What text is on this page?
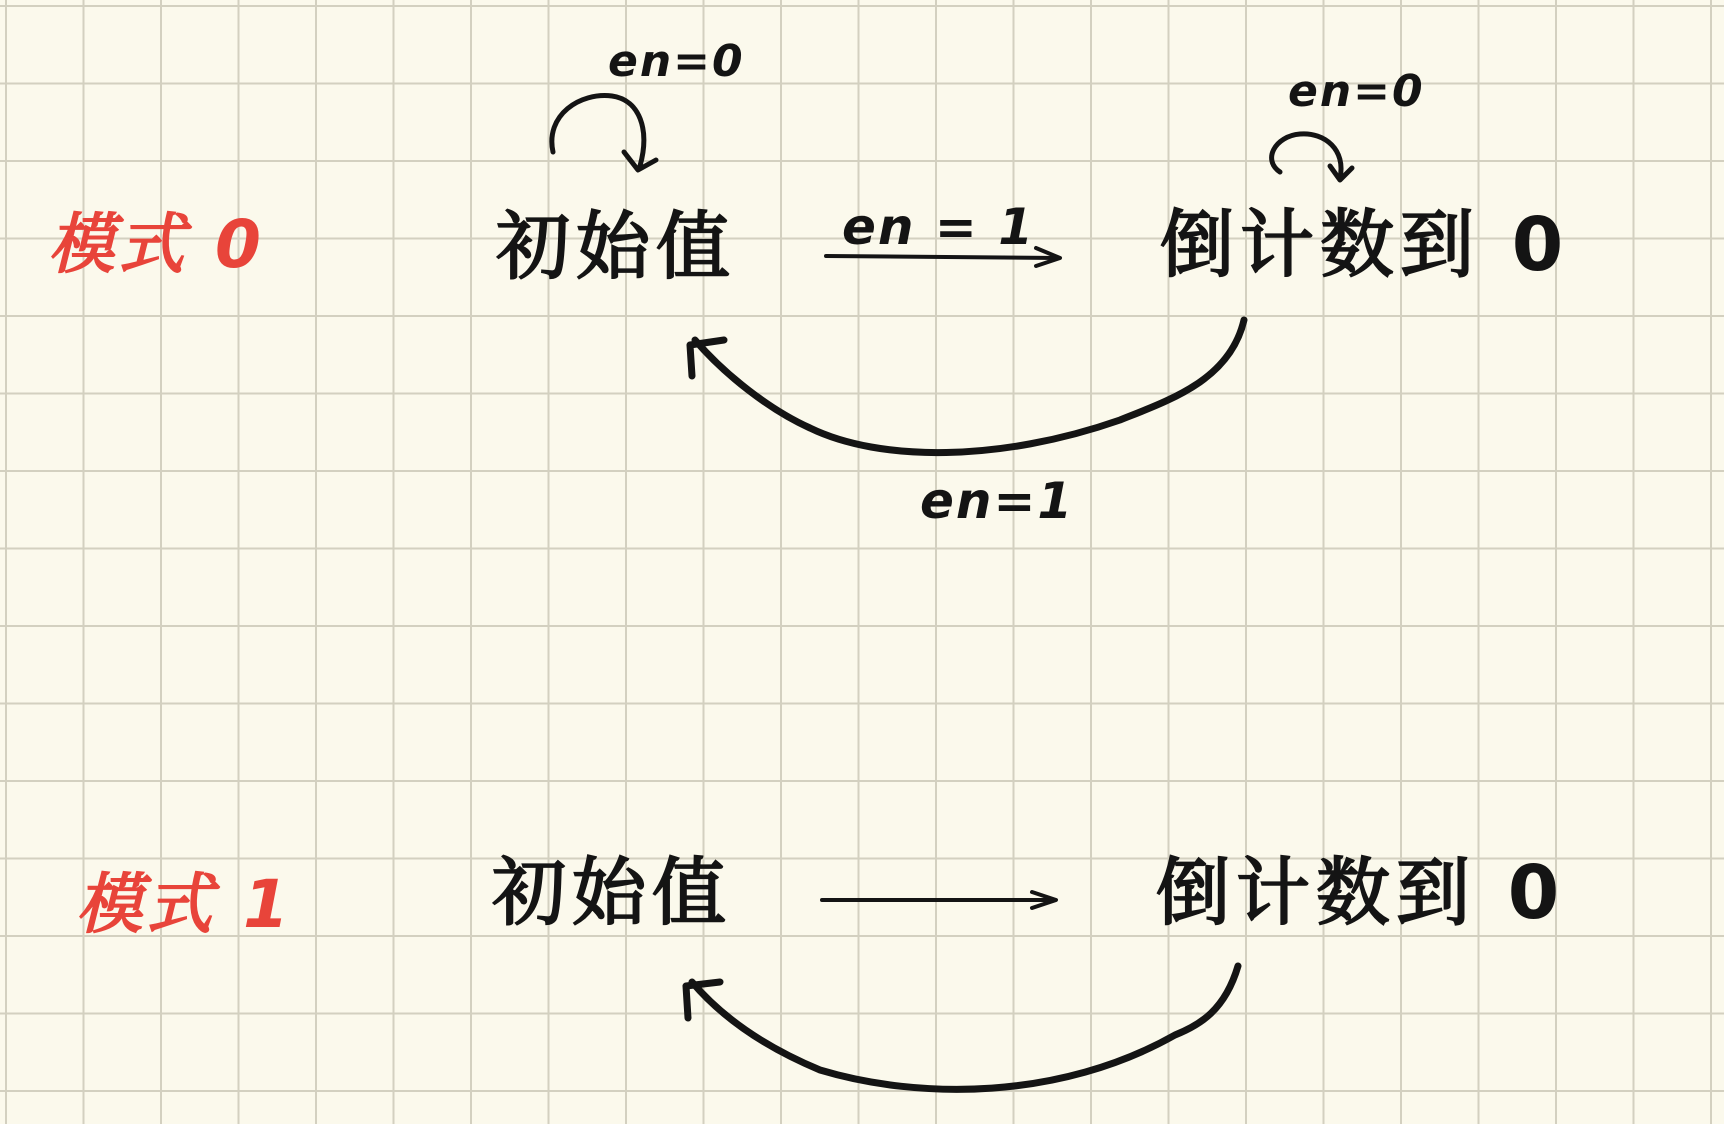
模式 0	初始值	倒计数到 0
en = 1
en=1
en=0
en=0
模式 1	初始值	倒计数到 0
